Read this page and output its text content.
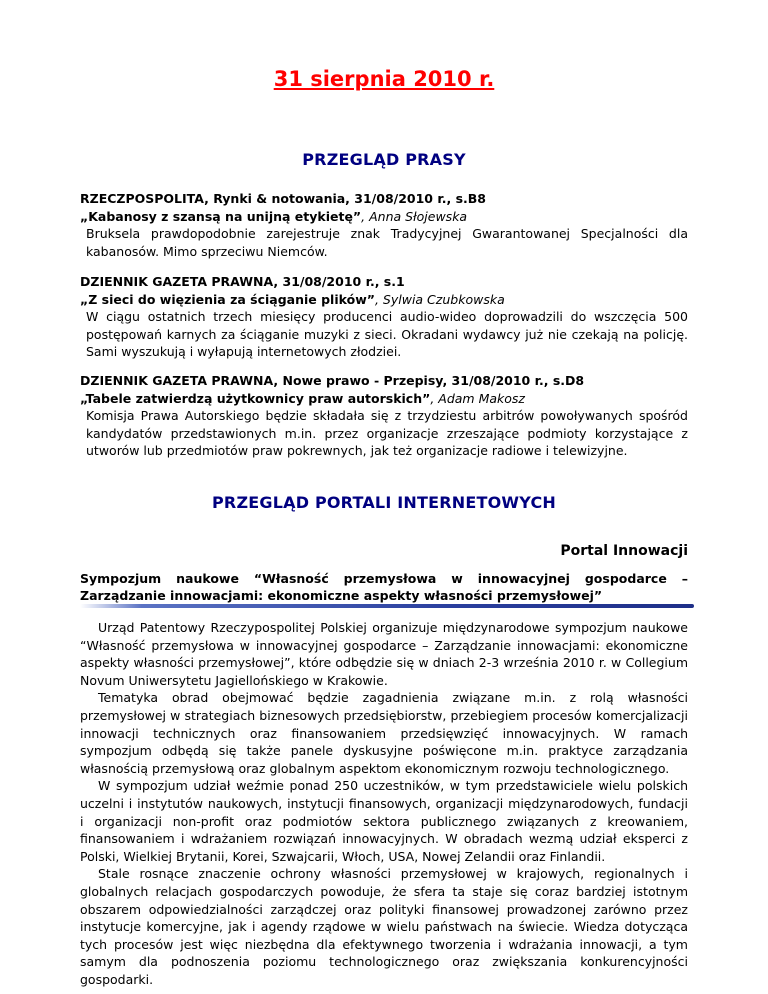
31 sierpnia 2010 r.
PRZEGLĄD PRASY
RZECZPOSPOLITA, Rynki & notowania, 31/08/2010 r., s.B8
„Kabanosy z szansą na unijną etykietę”, Anna Słojewska
Bruksela prawdopodobnie zarejestruje znak Tradycyjnej Gwarantowanej Specjalności dla kabanosów. Mimo sprzeciwu Niemców.
DZIENNIK GAZETA PRAWNA, 31/08/2010 r., s.1
„Z sieci do więzienia za ściąganie plików”, Sylwia Czubkowska
W ciągu ostatnich trzech miesięcy producenci audio-wideo doprowadzili do wszczęcia 500 postępowań karnych za ściąganie muzyki z sieci. Okradani wydawcy już nie czekają na policję. Sami wyszukują i wyłapują internetowych złodziei.
DZIENNIK GAZETA PRAWNA, Nowe prawo - Przepisy, 31/08/2010 r., s.D8
„Tabele zatwierdzą użytkownicy praw autorskich”, Adam Makosz
Komisja Prawa Autorskiego będzie składała się z trzydziestu arbitrów powoływanych spośród kandydatów przedstawionych m.in. przez organizacje zrzeszające podmioty korzystające z utworów lub przedmiotów praw pokrewnych, jak też organizacje radiowe i telewizyjne.
PRZEGLĄD PORTALI INTERNETOWYCH
Portal Innowacji
Sympozjum naukowe “Własność przemysłowa w innowacyjnej gospodarce – Zarządzanie innowacjami: ekonomiczne aspekty własności przemysłowej”

Urząd Patentowy Rzeczypospolitej Polskiej organizuje międzynarodowe sympozjum naukowe “Własność przemysłowa w innowacyjnej gospodarce – Zarządzanie innowacjami: ekonomiczne aspekty własności przemysłowej”, które odbędzie się w dniach 2-3 września 2010 r. w Collegium Novum Uniwersytetu Jagiellońskiego w Krakowie.

Tematyka obrad obejmować będzie zagadnienia związane m.in. z rolą własności przemysłowej w strategiach biznesowych przedsiębiorstw, przebiegiem procesów komercjalizacji innowacji technicznych oraz finansowaniem przedsięwzięć innowacyjnych. W ramach sympozjum odbędą się także panele dyskusyjne poświęcone m.in. praktyce zarządzania własnością przemysłową oraz globalnym aspektom ekonomicznym rozwoju technologicznego.

W sympozjum udział weźmie ponad 250 uczestników, w tym przedstawiciele wielu polskich uczelni i instytutów naukowych, instytucji finansowych, organizacji międzynarodowych, fundacji i organizacji non-profit oraz podmiotów sektora publicznego związanych z kreowaniem, finansowaniem i wdrażaniem rozwiązań innowacyjnych. W obradach wezmą udział eksperci z Polski, Wielkiej Brytanii, Korei, Szwajcarii, Włoch, USA, Nowej Zelandii oraz Finlandii.

Stale rosnące znaczenie ochrony własności przemysłowej w krajowych, regionalnych i globalnych relacjach gospodarczych powoduje, że sfera ta staje się coraz bardziej istotnym obszarem odpowiedzialności zarządczej oraz polityki finansowej prowadzonej zarówno przez instytucje komercyjne, jak i agendy rządowe w wielu państwach na świecie. Wiedza dotycząca tych procesów jest więc niezbędna dla efektywnego tworzenia i wdrażania innowacji, a tym samym dla podnoszenia poziomu technologicznego oraz zwiększania konkurencyjności gospodarki.
